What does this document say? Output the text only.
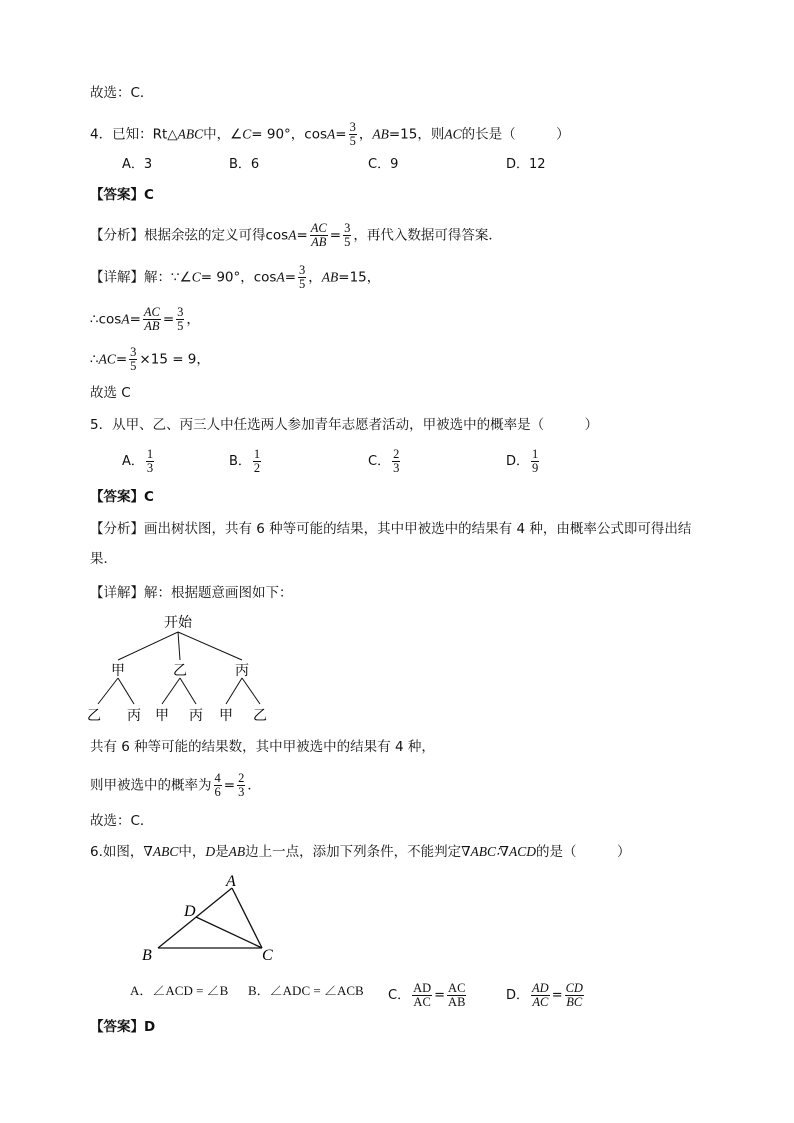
故选：C．
4．已知：Rt△ABC中，∠C= 90°，$\cos A= \frac{3}{5}$ ，AB=15，则AC的长是（　　　）
A．3	B．6	C．9	D．12
【答案】C
【分析】根据余弦的定义可得$\cos A= \frac{AC}{AB} = \frac{3}{5}$ ，再代入数据可得答案．
【详解】解：∵∠C= 90°，$\cos A= \frac{3}{5}$ ，AB=15，
∴cosA= $\frac{AC}{AB} = \frac{3}{5}$ ，
∴AC= $\frac{3}{5} \times 15 = 9$，
故选 C
5．从甲、乙、丙三人中任选两人参加青年志愿者活动，甲被选中的概率是（　　　）
A． $\frac{1}{3}$	B． $\frac{1}{2}$	C． $\frac{2}{3}$	D． $\frac{1}{9}$
【答案】C
【分析】画出树状图，共有 6 种等可能的结果，其中甲被选中的结果有 4 种，由概率公式即可得出结
果．
【详解】解：根据题意画图如下：
开始
甲	乙	丙
乙 丙 甲 丙 甲 乙
共有 6 种等可能的结果数，其中甲被选中的结果有 4 种，
则甲被选中的概率为 $\frac{4}{6} = \frac{2}{3}$ ．
故选：C．
6.如图，∇ABC中，D是AB边上一点，添加下列条件，不能判定∇ABC∶∇ACD的是（　　　）
A
D
B	C
A．∠ACD = ∠B B．∠ADC = ∠ACB C． $\frac{AD}{AC} = \frac{AC}{AB}$	D． $\frac{AD}{AC} = \frac{CD}{BC}$
【答案】D
